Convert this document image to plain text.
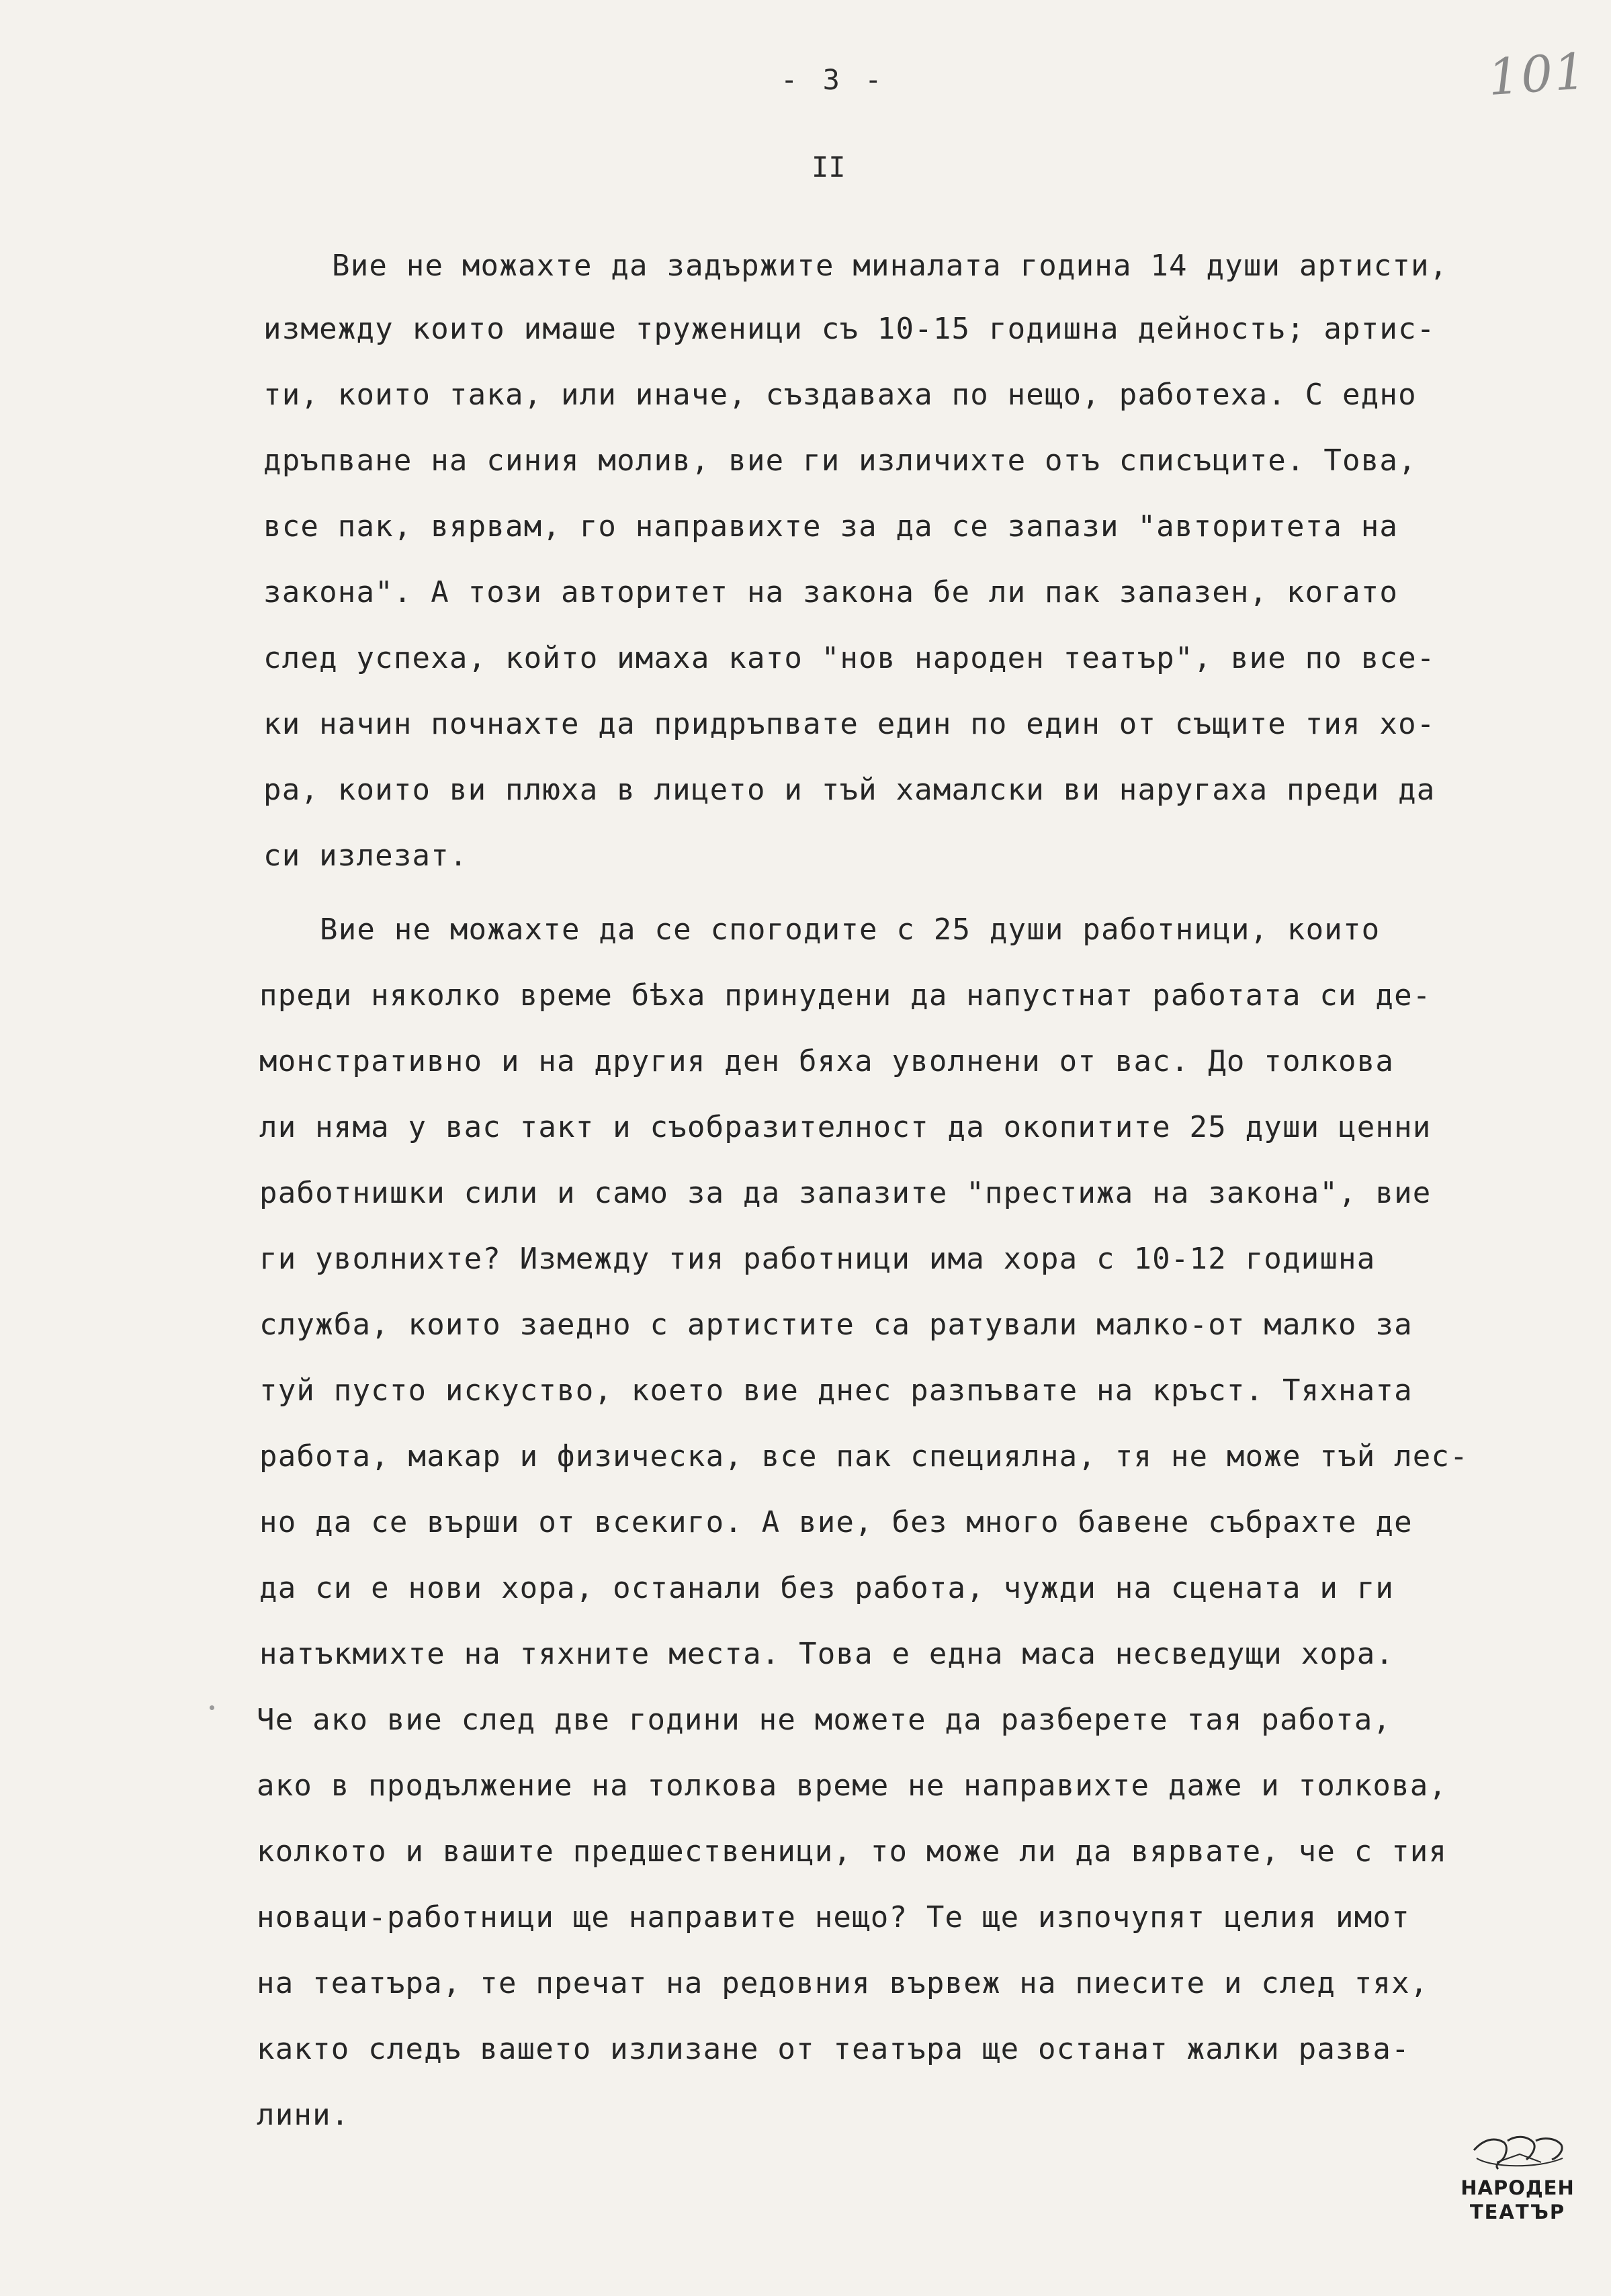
- 3 -	101
II
Вие не можахте да задържите миналата година 14 души артисти,
измежду които имаше труженици съ 10-15 годишна дейность; артис-
ти, които така, или иначе, създаваха по нещо, работеха. С едно
дръпване на синия молив, вие ги изличихте отъ списъците. Това,
все пак, вярвам, го направихте за да се запази "авторитета на
закона". А този авторитет на закона бе ли пак запазен, когато
след успеха, който имаха като "нов народен театър", вие по все-
ки начин почнахте да придръпвате един по един от същите тия хо-
ра, които ви плюха в лицето и тъй хамалски ви наругаха преди да
си излезат.
Вие не можахте да се спогодите с 25 души работници, които
преди няколко време бѣха принудени да напустнат работата си де-
монстративно и на другия ден бяха уволнени от вас. До толкова
ли няма у вас такт и съобразителност да окопитите 25 души ценни
работнишки сили и само за да запазите "престижа на закона", вие
ги уволнихте? Измежду тия работници има хора с 10-12 годишна
служба, които заедно с артистите са ратували малко-от малко за
туй пусто искуство, което вие днес разпъвате на кръст. Тяхната
работа, макар и физическа, все пак специялна, тя не може тъй лес-
но да се върши от всекиго. А вие, без много бавене събрахте де
да си е нови хора, останали без работа, чужди на сцената и ги
натъкмихте на тяхните места. Това е една маса несведущи хора.
Че ако вие след две години не можете да разберете тая работа,
ако в продължение на толкова време не направихте даже и толкова,
колкото и вашите предшественици, то може ли да вярвате, че с тия
новаци-работници ще направите нещо? Те ще изпочупят целия имот
на театъра, те пречат на редовния вървеж на пиесите и след тях,
както следъ вашето излизане от театъра ще останат жалки разва-
лини.
НАРОДЕН
ТЕАТЪР
